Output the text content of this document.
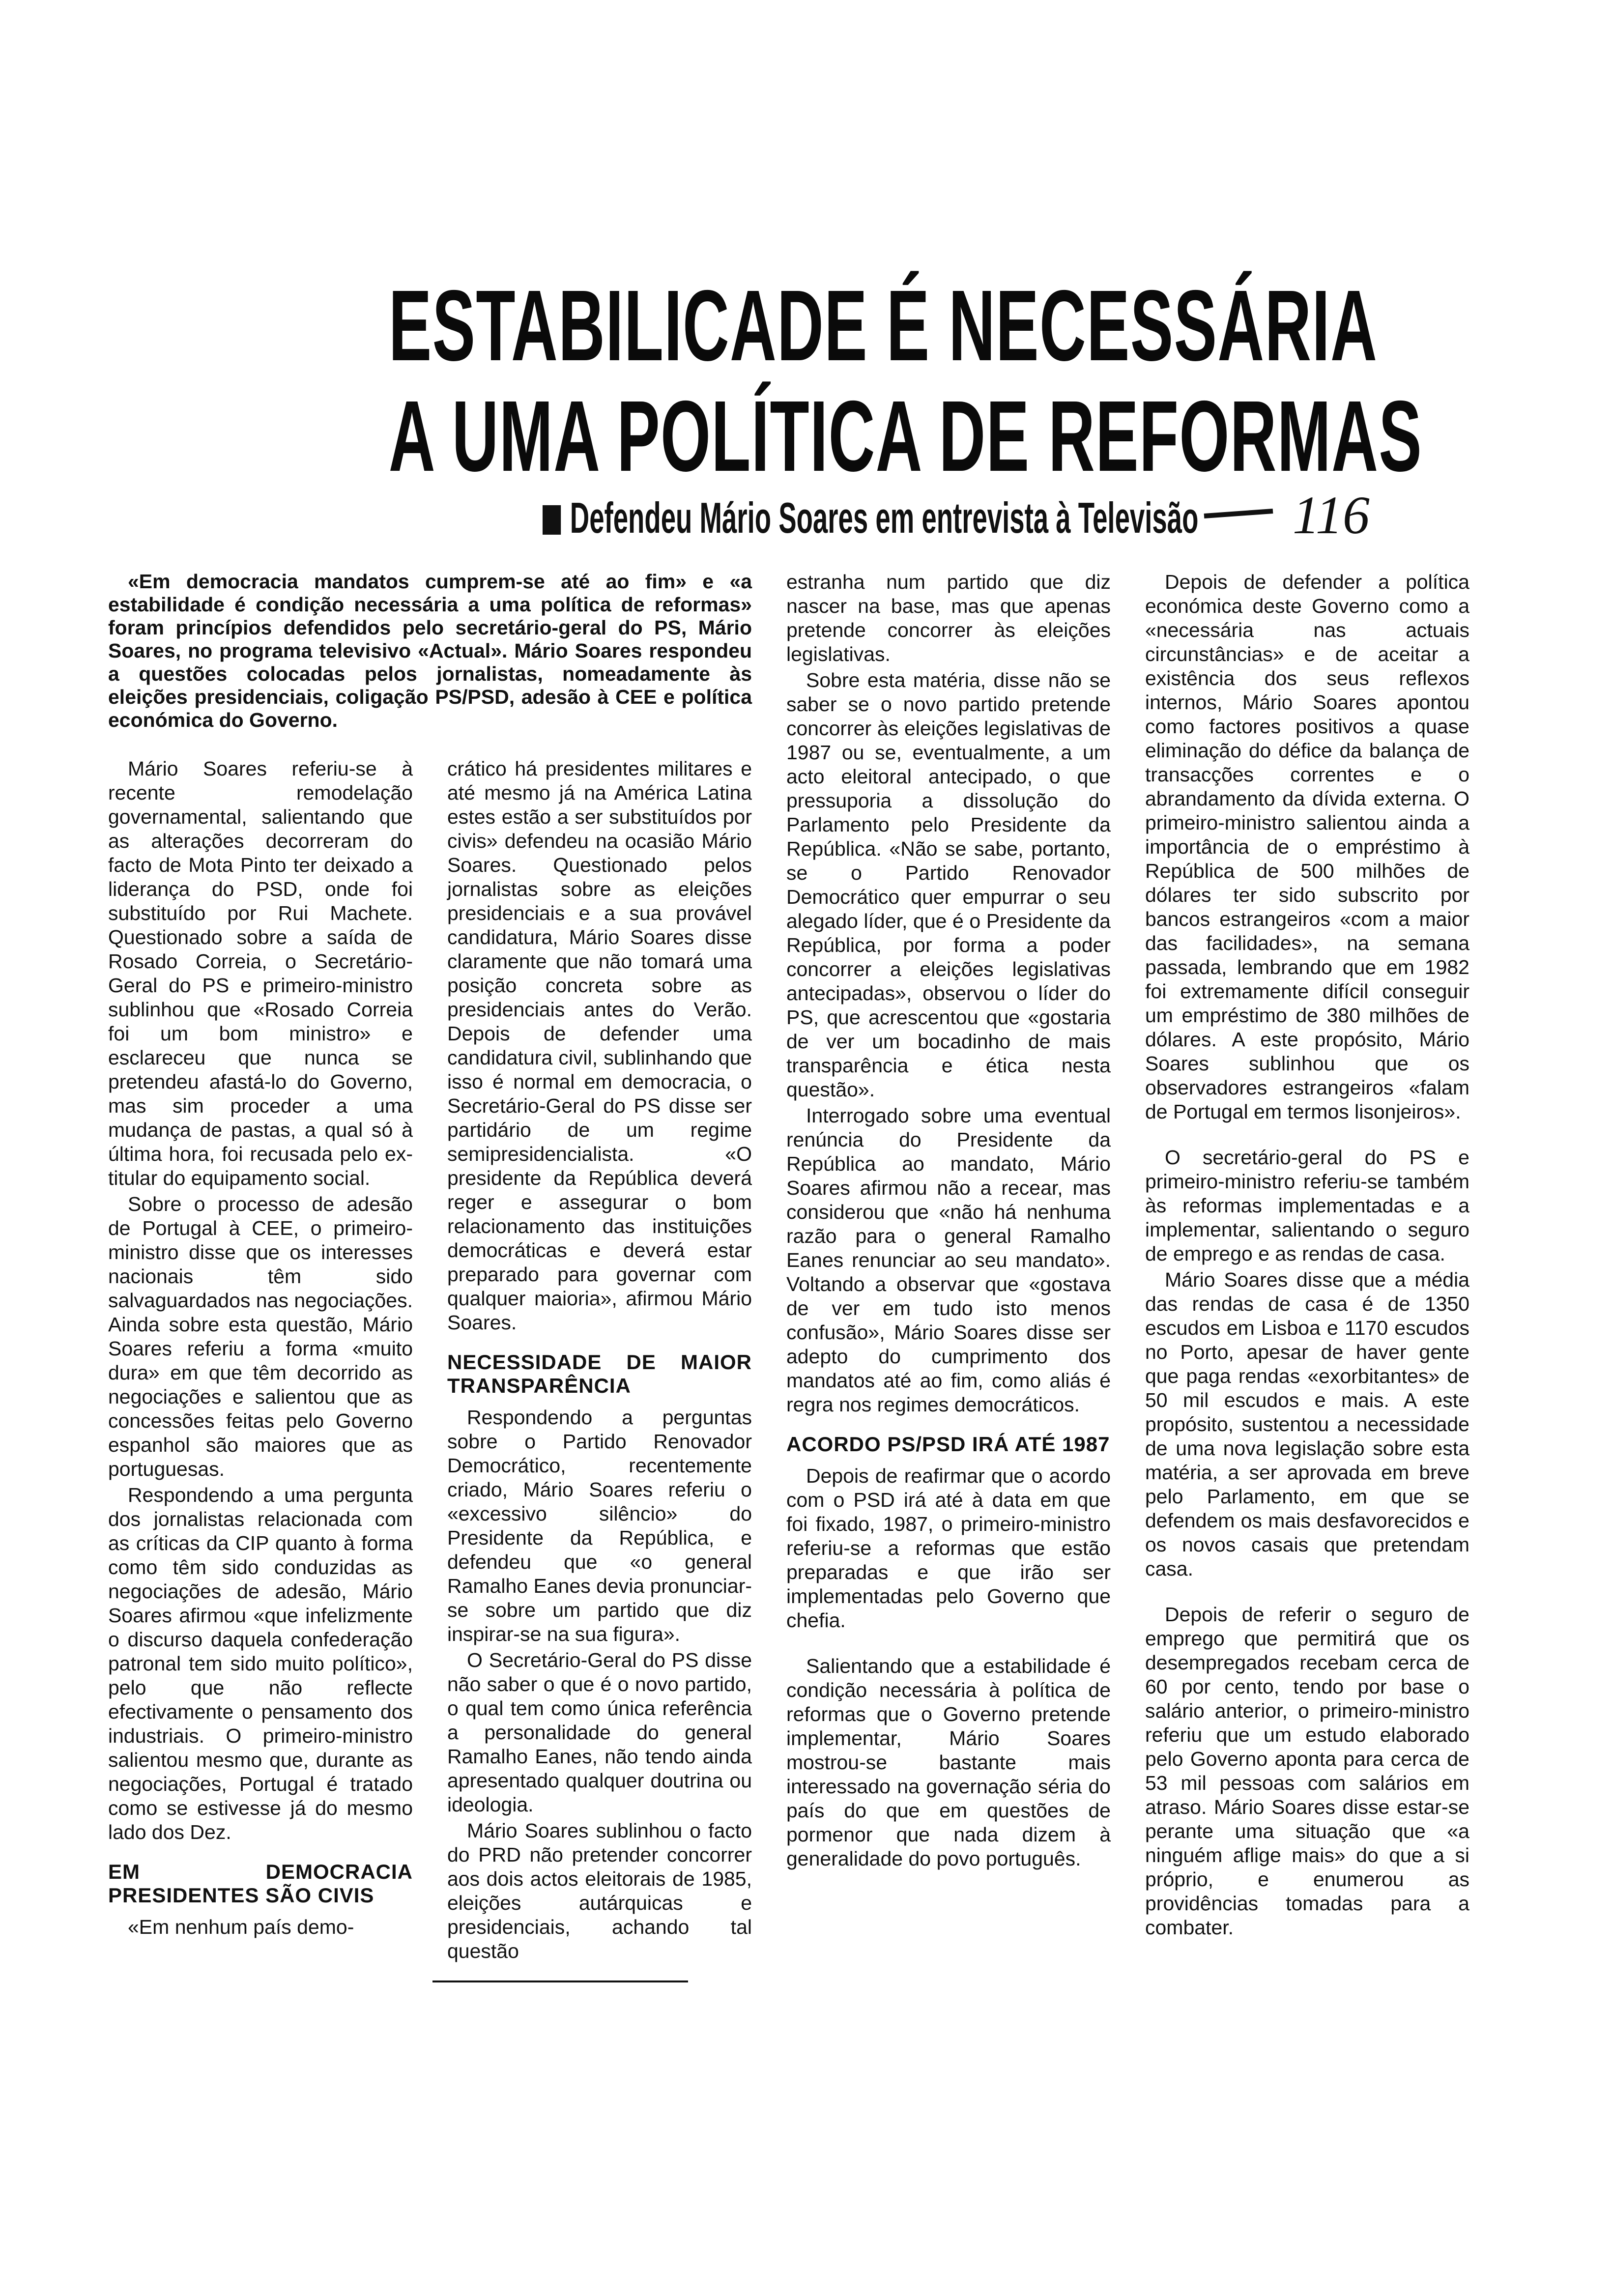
ESTABILICADE É NECESSÁRIA
A UMA POLÍTICA DE REFORMAS
Defendeu Mário Soares em entrevista à Televisão 116

«Em democracia mandatos cumprem-se até ao fim» e «a estabilidade é condição necessária a uma política de reformas» foram princípios defendidos pelo secretário-geral do PS, Mário Soares, no programa televisivo «Actual». Mário Soares respondeu a questões colocadas pelos jornalistas, nomeadamente às eleições presidenciais, coligação PS/PSD, adesão à CEE e política económica do Governo.

Mário Soares referiu-se à recente remodelação governamental, salientando que as alterações decorreram do facto de Mota Pinto ter deixado a liderança do PSD, onde foi substituído por Rui Machete. Questionado sobre a saída de Rosado Correia, o Secretário-Geral do PS e primeiro-ministro sublinhou que «Rosado Correia foi um bom ministro» e esclareceu que nunca se pretendeu afastá-lo do Governo, mas sim proceder a uma mudança de pastas, a qual só à última hora, foi recusada pelo ex-titular do equipamento social.

Sobre o processo de adesão de Portugal à CEE, o primeiro-ministro disse que os interesses nacionais têm sido salvaguardados nas negociações. Ainda sobre esta questão, Mário Soares referiu a forma «muito dura» em que têm decorrido as negociações e salientou que as concessões feitas pelo Governo espanhol são maiores que as portuguesas.

Respondendo a uma pergunta dos jornalistas relacionada com as críticas da CIP quanto à forma como têm sido conduzidas as negociações de adesão, Mário Soares afirmou «que infelizmente o discurso daquela confederação patronal tem sido muito político», pelo que não reflecte efectivamente o pensamento dos industriais. O primeiro-ministro salientou mesmo que, durante as negociações, Portugal é tratado como se estivesse já do mesmo lado dos Dez.

EM DEMOCRACIA PRESIDENTES SÃO CIVIS

«Em nenhum país demo-

crático há presidentes militares e até mesmo já na América Latina estes estão a ser substituídos por civis» defendeu na ocasião Mário Soares. Questionado pelos jornalistas sobre as eleições presidenciais e a sua provável candidatura, Mário Soares disse claramente que não tomará uma posição concreta sobre as presidenciais antes do Verão. Depois de defender uma candidatura civil, sublinhando que isso é normal em democracia, o Secretário-Geral do PS disse ser partidário de um regime semipresidencialista. «O presidente da República deverá reger e assegurar o bom relacionamento das instituições democráticas e deverá estar preparado para governar com qualquer maioria», afirmou Mário Soares.

NECESSIDADE DE MAIOR TRANSPARÊNCIA

Respondendo a perguntas sobre o Partido Renovador Democrático, recentemente criado, Mário Soares referiu o «excessivo silêncio» do Presidente da República, e defendeu que «o general Ramalho Eanes devia pronunciar-se sobre um partido que diz inspirar-se na sua figura».

O Secretário-Geral do PS disse não saber o que é o novo partido, o qual tem como única referência a personalidade do general Ramalho Eanes, não tendo ainda apresentado qualquer doutrina ou ideologia.

Mário Soares sublinhou o facto do PRD não pretender concorrer aos dois actos eleitorais de 1985, eleições autárquicas e presidenciais, achando tal questão

estranha num partido que diz nascer na base, mas que apenas pretende concorrer às eleições legislativas.

Sobre esta matéria, disse não se saber se o novo partido pretende concorrer às eleições legislativas de 1987 ou se, eventualmente, a um acto eleitoral antecipado, o que pressuporia a dissolução do Parlamento pelo Presidente da República. «Não se sabe, portanto, se o Partido Renovador Democrático quer empurrar o seu alegado líder, que é o Presidente da República, por forma a poder concorrer a eleições legislativas antecipadas», observou o líder do PS, que acrescentou que «gostaria de ver um bocadinho de mais transparência e ética nesta questão».

Interrogado sobre uma eventual renúncia do Presidente da República ao mandato, Mário Soares afirmou não a recear, mas considerou que «não há nenhuma razão para o general Ramalho Eanes renunciar ao seu mandato». Voltando a observar que «gostava de ver em tudo isto menos confusão», Mário Soares disse ser adepto do cumprimento dos mandatos até ao fim, como aliás é regra nos regimes democráticos.

ACORDO PS/PSD IRÁ ATÉ 1987

Depois de reafirmar que o acordo com o PSD irá até à data em que foi fixado, 1987, o primeiro-ministro referiu-se a reformas que estão preparadas e que irão ser implementadas pelo Governo que chefia.

Salientando que a estabilidade é condição necessária à política de reformas que o Governo pretende implementar, Mário Soares mostrou-se bastante mais interessado na governação séria do país do que em questões de pormenor que nada dizem à generalidade do povo português.

Depois de defender a política económica deste Governo como a «necessária nas actuais circunstâncias» e de aceitar a existência dos seus reflexos internos, Mário Soares apontou como factores positivos a quase eliminação do défice da balança de transacções correntes e o abrandamento da dívida externa. O primeiro-ministro salientou ainda a importância de o empréstimo à República de 500 milhões de dólares ter sido subscrito por bancos estrangeiros «com a maior das facilidades», na semana passada, lembrando que em 1982 foi extremamente difícil conseguir um empréstimo de 380 milhões de dólares. A este propósito, Mário Soares sublinhou que os observadores estrangeiros «falam de Portugal em termos lisonjeiros».

O secretário-geral do PS e primeiro-ministro referiu-se também às reformas implementadas e a implementar, salientando o seguro de emprego e as rendas de casa.

Mário Soares disse que a média das rendas de casa é de 1350 escudos em Lisboa e 1170 escudos no Porto, apesar de haver gente que paga rendas «exorbitantes» de 50 mil escudos e mais. A este propósito, sustentou a necessidade de uma nova legislação sobre esta matéria, a ser aprovada em breve pelo Parlamento, em que se defendem os mais desfavorecidos e os novos casais que pretendam casa.

Depois de referir o seguro de emprego que permitirá que os desempregados recebam cerca de 60 por cento, tendo por base o salário anterior, o primeiro-ministro referiu que um estudo elaborado pelo Governo aponta para cerca de 53 mil pessoas com salários em atraso. Mário Soares disse estar-se perante uma situação que «a ninguém aflige mais» do que a si próprio, e enumerou as providências tomadas para a combater.
